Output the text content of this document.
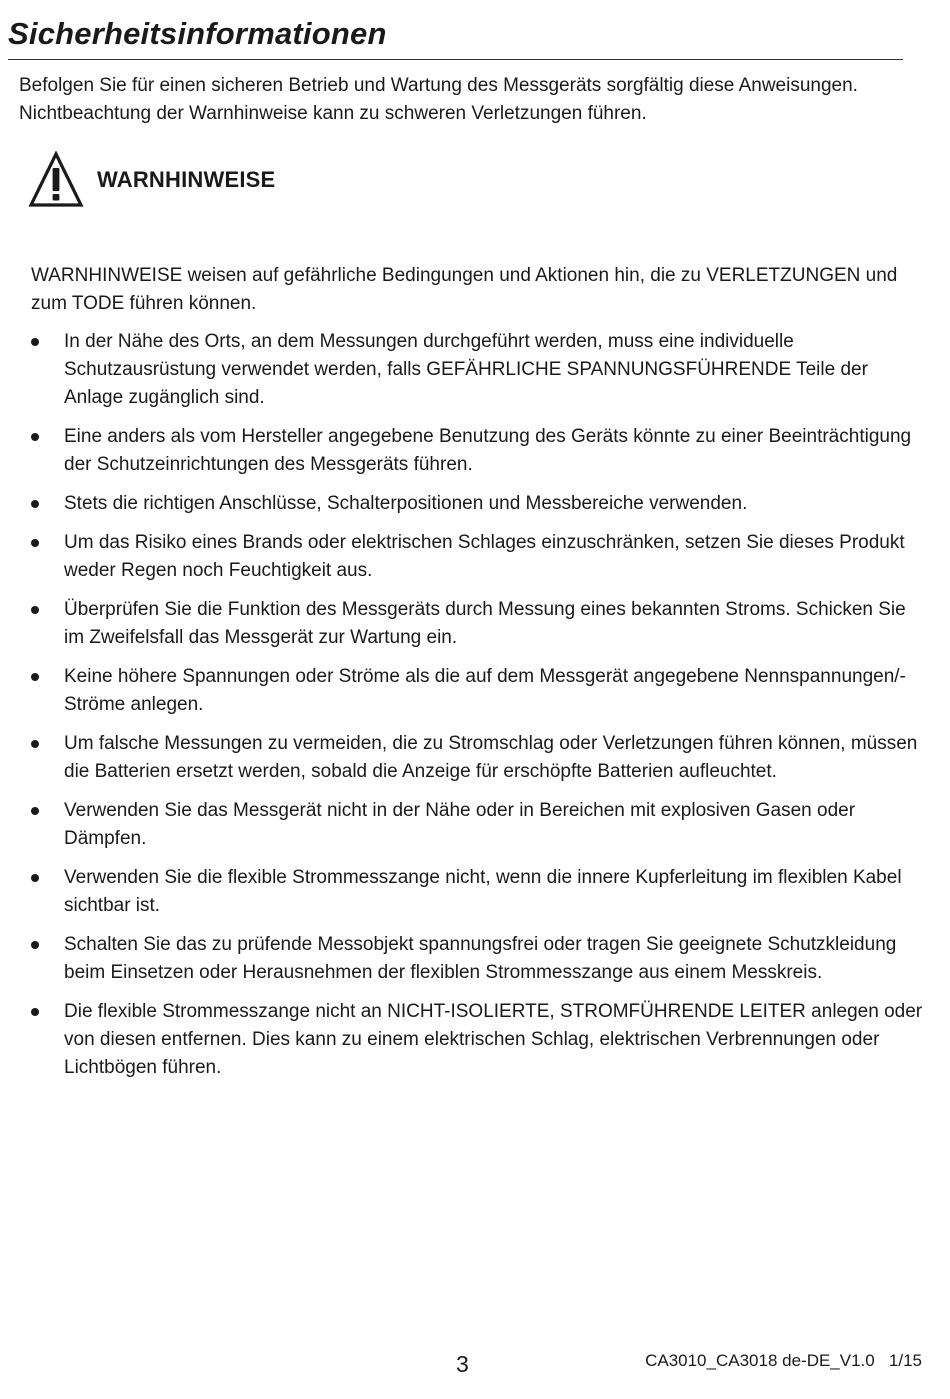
Sicherheitsinformationen

Befolgen Sie für einen sicheren Betrieb und Wartung des Messgeräts sorgfältig diese Anweisungen. Nichtbeachtung der Warnhinweise kann zu schweren Verletzungen führen.

WARNHINWEISE

WARNHINWEISE weisen auf gefährliche Bedingungen und Aktionen hin, die zu VERLETZUNGEN und zum TODE führen können.

In der Nähe des Orts, an dem Messungen durchgeführt werden, muss eine individuelle Schutzausrüstung verwendet werden, falls GEFÄHRLICHE SPANNUNGSFÜHRENDE Teile der Anlage zugänglich sind.
Eine anders als vom Hersteller angegebene Benutzung des Geräts könnte zu einer Beeinträchtigung der Schutzeinrichtungen des Messgeräts führen.
Stets die richtigen Anschlüsse, Schalterpositionen und Messbereiche verwenden.
Um das Risiko eines Brands oder elektrischen Schlages einzuschränken, setzen Sie dieses Produkt weder Regen noch Feuchtigkeit aus.
Überprüfen Sie die Funktion des Messgeräts durch Messung eines bekannten Stroms. Schicken Sie im Zweifelsfall das Messgerät zur Wartung ein.
Keine höhere Spannungen oder Ströme als die auf dem Messgerät angegebene Nennspannungen/-Ströme anlegen.
Um falsche Messungen zu vermeiden, die zu Stromschlag oder Verletzungen führen können, müssen die Batterien ersetzt werden, sobald die Anzeige für erschöpfte Batterien aufleuchtet.
Verwenden Sie das Messgerät nicht in der Nähe oder in Bereichen mit explosiven Gasen oder Dämpfen.
Verwenden Sie die flexible Strommesszange nicht, wenn die innere Kupferleitung im flexiblen Kabel sichtbar ist.
Schalten Sie das zu prüfende Messobjekt spannungsfrei oder tragen Sie geeignete Schutzkleidung beim Einsetzen oder Herausnehmen der flexiblen Strommesszange aus einem Messkreis.
Die flexible Strommesszange nicht an NICHT-ISOLIERTE, STROMFÜHRENDE LEITER anlegen oder von diesen entfernen. Dies kann zu einem elektrischen Schlag, elektrischen Verbrennungen oder Lichtbögen führen.
3	CA3010_CA3018 de-DE_V1.0   1/15
